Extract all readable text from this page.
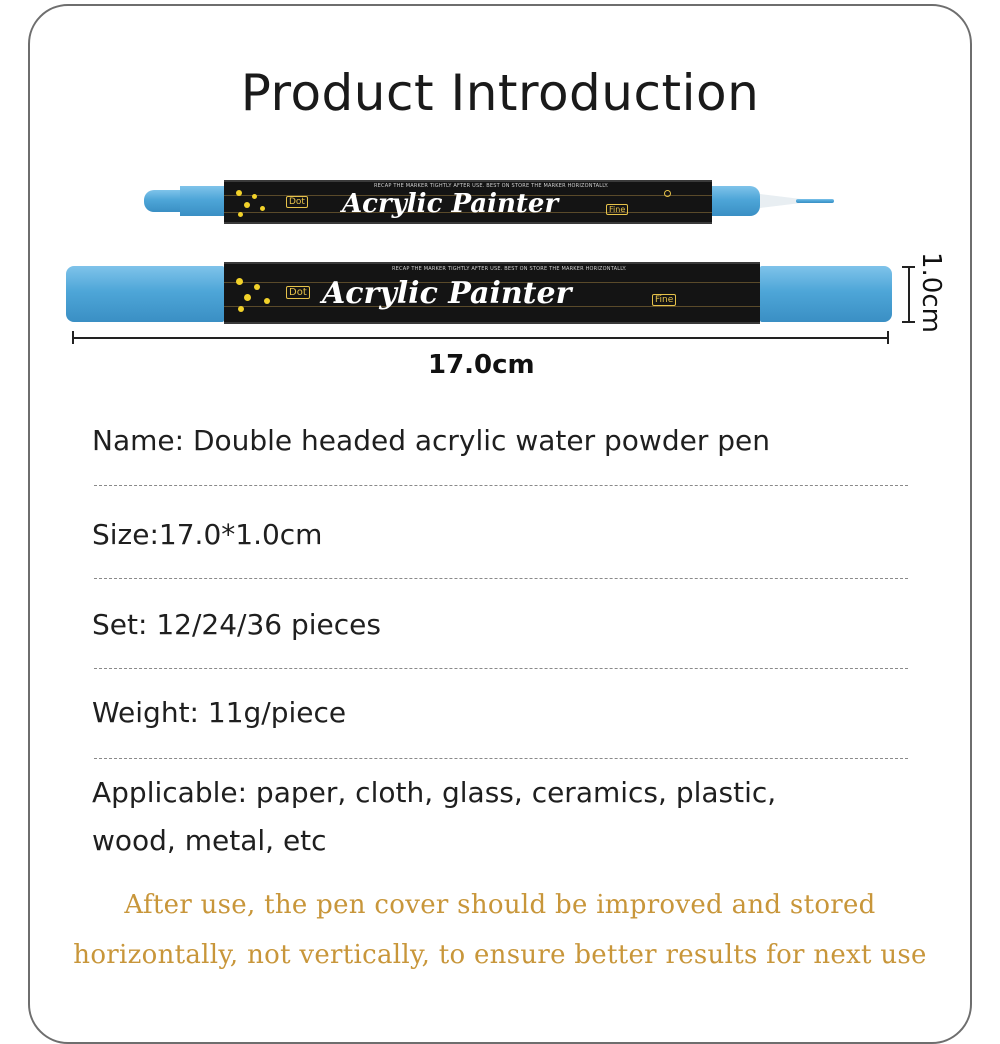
Product Introduction
RECAP THE MARKER TIGHTLY AFTER USE. BEST ON STORE THE MARKER HORIZONTALLY.
Dot Acrylic Painter	Fine
RECAP THE MARKER TIGHTLY AFTER USE. BEST ON STORE THE MARKER HORIZONTALLY.
Dot Acrylic Painter	Fine
17.0cm
1.0cm
Name: Double headed acrylic water powder pen
Size:17.0*1.0cm
Set: 12/24/36 pieces
Weight: 11g/piece
Applicable: paper, cloth, glass, ceramics, plastic,
wood, metal, etc
After use, the pen cover should be improved and stored
horizontally, not vertically, to ensure better results for next use
